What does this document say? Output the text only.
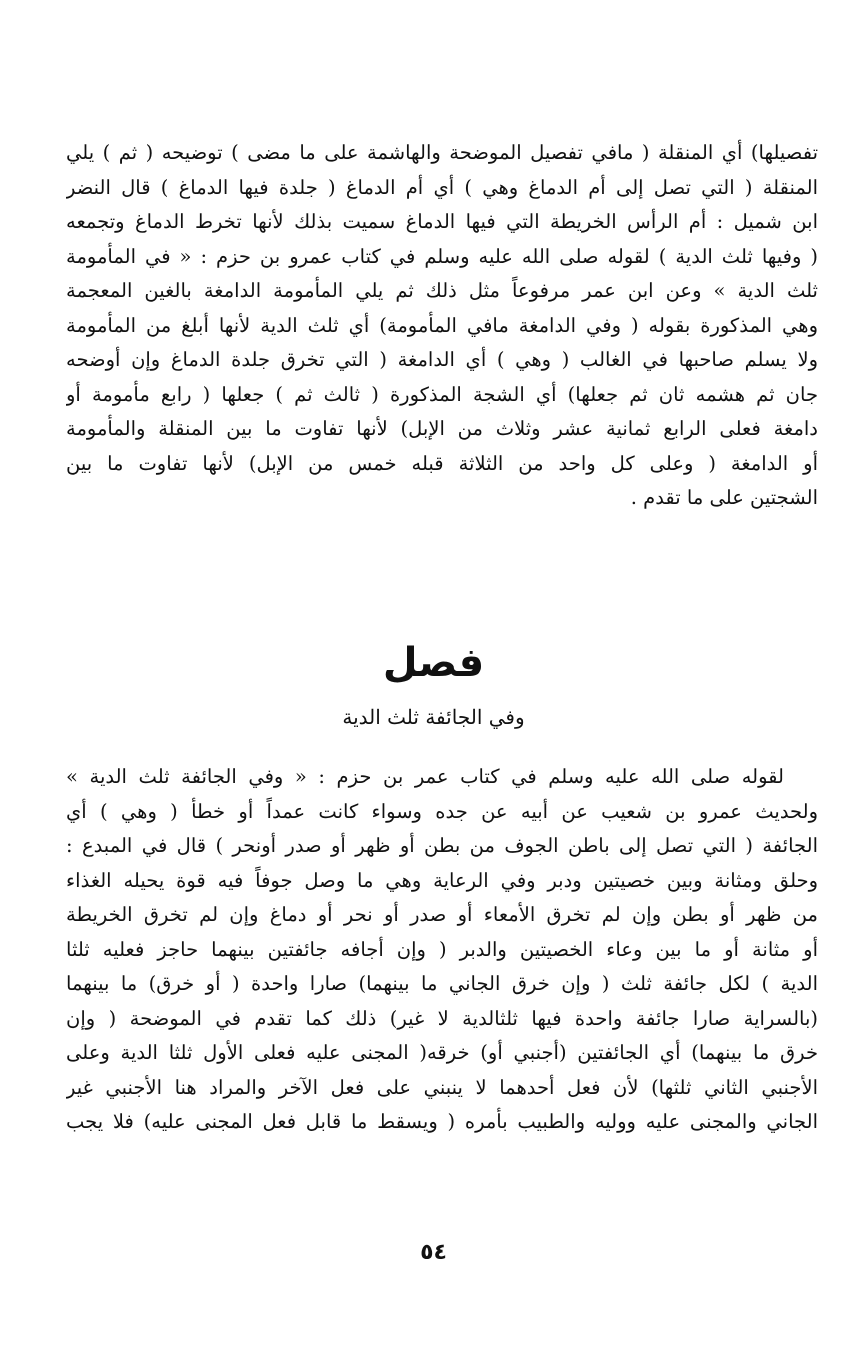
تفصيلها) أي المنقلة ( مافي تفصيل الموضحة والهاشمة على ما مضى ) توضيحه ( ثم ) يلي
المنقلة ( التي تصل إلى أم الدماغ وهي ) أي أم الدماغ ( جلدة فيها الدماغ ) قال النضر
ابن شميل : أم الرأس الخريطة التي فيها الدماغ سميت بذلك لأنها تخرط الدماغ وتجمعه
( وفيها ثلث الدية ) لقوله صلى الله عليه وسلم في كتاب عمرو بن حزم : « في المأمومة
ثلث الدية » وعن ابن عمر مرفوعاً مثل ذلك ثم يلي المأمومة الدامغة بالغين المعجمة
وهي المذكورة بقوله ( وفي الدامغة مافي المأمومة) أي ثلث الدية لأنها أبلغ من المأمومة
ولا يسلم صاحبها في الغالب ( وهي ) أي الدامغة ( التي تخرق جلدة الدماغ وإن أوضحه
جان ثم هشمه ثان ثم جعلها) أي الشجة المذكورة ( ثالث ثم ) جعلها ( رابع مأمومة أو
دامغة فعلى الرابع ثمانية عشر وثلاث من الإبل) لأنها تفاوت ما بين المنقلة والمأمومة
أو الدامغة ( وعلى كل واحد من الثلاثة قبله خمس من الإبل) لأنها تفاوت ما بين
الشجتين على ما تقدم .
فصل
وفي الجائفة ثلث الدية
لقوله صلى الله عليه وسلم في كتاب عمر بن حزم : « وفي الجائفة ثلث الدية »
ولحديث عمرو بن شعيب عن أبيه عن جده وسواء كانت عمداً أو خطأ ( وهي ) أي
الجائفة ( التي تصل إلى باطن الجوف من بطن أو ظهر أو صدر أونحر ) قال في المبدع :
وحلق ومثانة وبين خصيتين ودبر وفي الرعاية وهي ما وصل جوفاً فيه قوة يحيله الغذاء
من ظهر أو بطن وإن لم تخرق الأمعاء أو صدر أو نحر أو دماغ وإن لم تخرق الخريطة
أو مثانة أو ما بين وعاء الخصيتين والدبر ( وإن أجافه جائفتين بينهما حاجز فعليه ثلثا
الدية ) لكل جائفة ثلث ( وإن خرق الجاني ما بينهما) صارا واحدة ( أو خرق) ما بينهما
(بالسراية صارا جائفة واحدة فيها ثلثالدية لا غير) ذلك كما تقدم في الموضحة ( وإن
خرق ما بينهما) أي الجائفتين (أجنبي أو) خرقه( المجنى عليه فعلى الأول ثلثا الدية وعلى
الأجنبي الثاني ثلثها) لأن فعل أحدهما لا ينبني على فعل الآخر والمراد هنا الأجنبي غير
الجاني والمجنى عليه ووليه والطبيب بأمره ( ويسقط ما قابل فعل المجنى عليه) فلا يجب
٥٤
